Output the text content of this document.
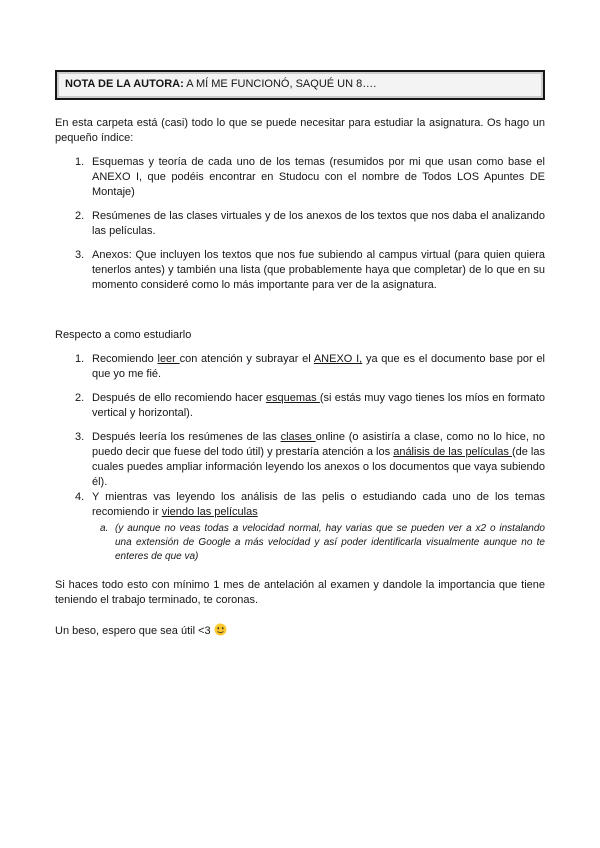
NOTA DE LA AUTORA: A MÍ ME FUNCIONÓ, SAQUÉ UN 8….

En esta carpeta está (casi) todo lo que se puede necesitar para estudiar la asignatura. Os hago un pequeño índice:

1. Esquemas y teoría de cada uno de los temas (resumidos por mi que usan como base el ANEXO I, que podéis encontrar en Studocu con el nombre de Todos LOS Apuntes DE Montaje)
2. Resúmenes de las clases virtuales y de los anexos de los textos que nos daba el analizando las películas.
3. Anexos: Que incluyen los textos que nos fue subiendo al campus virtual (para quien quiera tenerlos antes) y también una lista (que probablemente haya que completar) de lo que en su momento consideré como lo más importante para ver de la asignatura.

Respecto a como estudiarlo

1. Recomiendo leer con atención y subrayar el ANEXO I, ya que es el documento base por el que yo me fié.
2. Después de ello recomiendo hacer esquemas (si estás muy vago tienes los míos en formato vertical y horizontal).
3. Después leería los resúmenes de las clases online (o asistiría a clase, como no lo hice, no puedo decir que fuese del todo útil) y prestaría atención a los análisis de las películas (de las cuales puedes ampliar información leyendo los anexos o los documentos que vaya subiendo él).
4. Y mientras vas leyendo los análisis de las pelis o estudiando cada uno de los temas recomiendo ir viendo las películas
a. (y aunque no veas todas a velocidad normal, hay varias que se pueden ver a x2 o instalando una extensión de Google a más velocidad y así poder identificarla visualmente aunque no te enteres de que va)

Si haces todo esto con mínimo 1 mes de antelación al examen y dandole la importancia que tiene teniendo el trabajo terminado, te coronas.

Un beso, espero que sea útil <3
